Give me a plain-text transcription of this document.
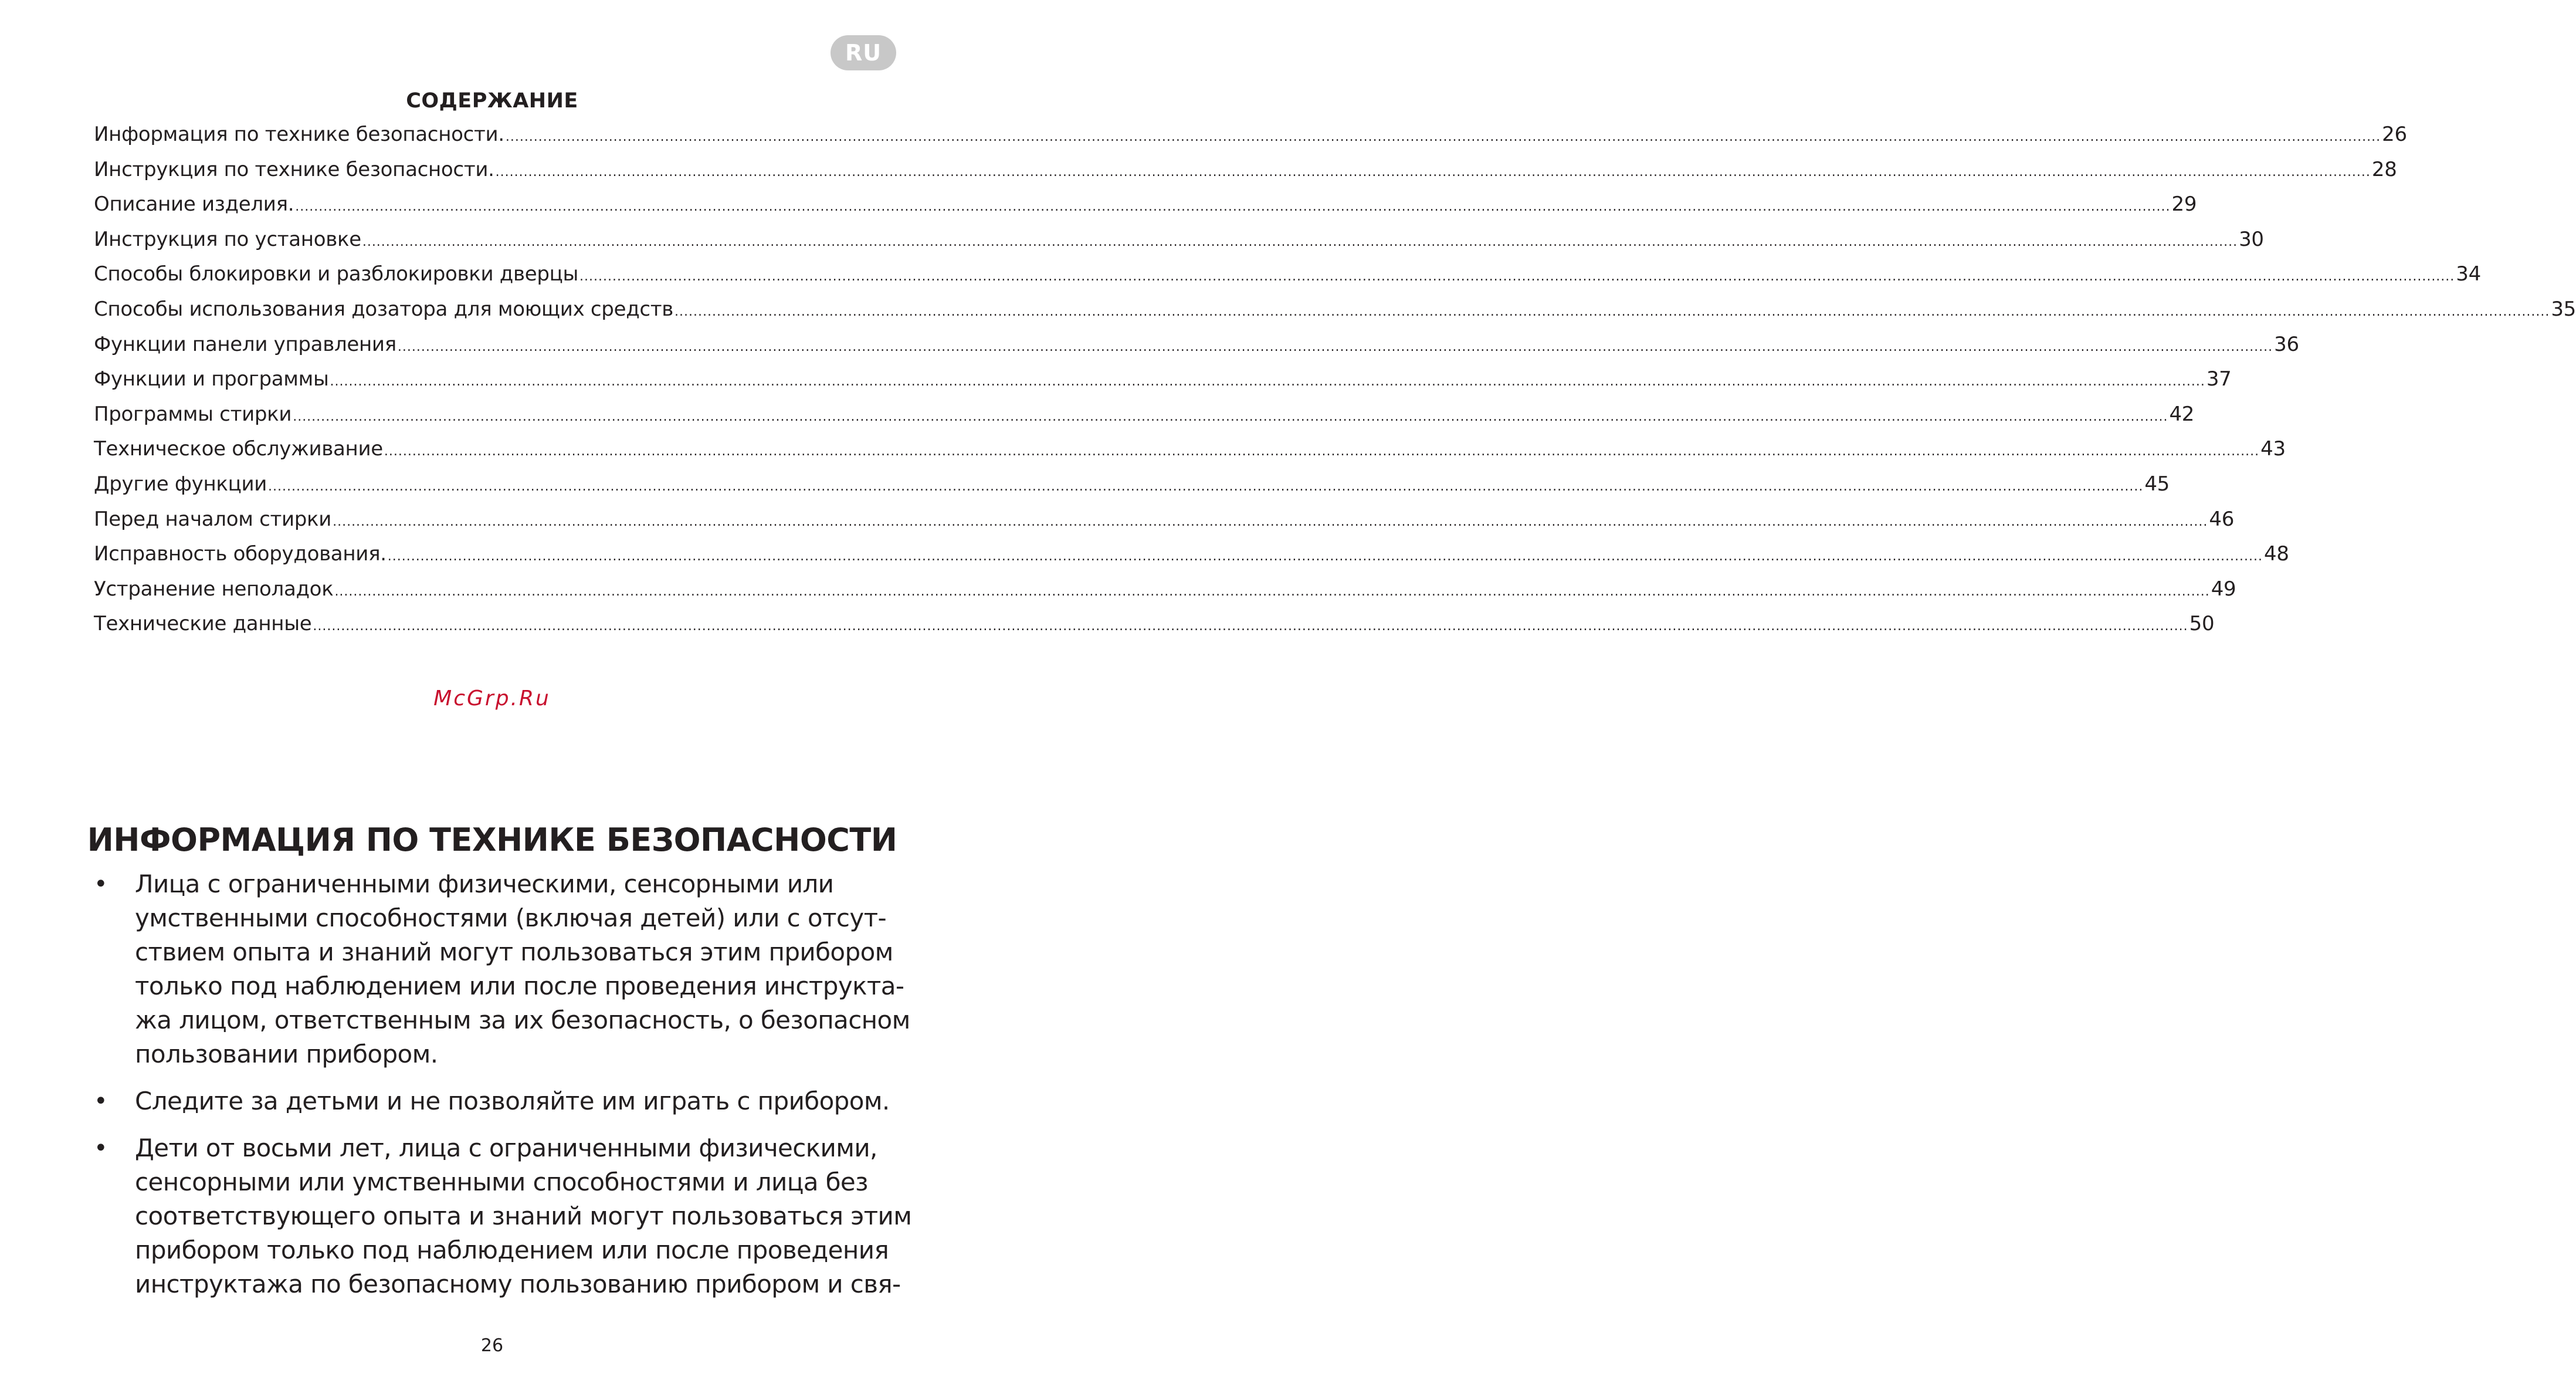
RU
СОДЕРЖАНИЕ
Информация по технике безопасности. ................................................................................................................................................................................................................................................................................................................................................................................................................ 26
Инструкция по технике безопасности. ................................................................................................................................................................................................................................................................................................................................................................................................................ 28
Описание изделия. ................................................................................................................................................................................................................................................................................................................................................................................................................ 29
Инструкция по установке ................................................................................................................................................................................................................................................................................................................................................................................................................ 30
Способы блокировки и разблокировки дверцы ................................................................................................................................................................................................................................................................................................................................................................................................................ 34
Способы использования дозатора для моющих средств ................................................................................................................................................................................................................................................................................................................................................................................................................ 35
Функции панели управления ................................................................................................................................................................................................................................................................................................................................................................................................................ 36
Функции и программы ................................................................................................................................................................................................................................................................................................................................................................................................................ 37
Программы стирки ................................................................................................................................................................................................................................................................................................................................................................................................................ 42
Техническое обслуживание ................................................................................................................................................................................................................................................................................................................................................................................................................ 43
Другие функции ................................................................................................................................................................................................................................................................................................................................................................................................................ 45
Перед началом стирки ................................................................................................................................................................................................................................................................................................................................................................................................................ 46
Исправность оборудования. ................................................................................................................................................................................................................................................................................................................................................................................................................ 48
Устранение неполадок ................................................................................................................................................................................................................................................................................................................................................................................................................ 49
Технические данные ................................................................................................................................................................................................................................................................................................................................................................................................................ 50
McGrp.Ru
ИНФОРМАЦИЯ ПО ТЕХНИКЕ БЕЗОПАСНОСТИ
• Лица с ограниченными физическими, сенсорными или
умственными способностями (включая детей) или с отсут-
ствием опыта и знаний могут пользоваться этим прибором
только под наблюдением или после проведения инструкта-
жа лицом, ответственным за их безопасность, о безопасном
пользовании прибором.
• Следите за детьми и не позволяйте им играть с прибором.
• Дети от восьми лет, лица с ограниченными физическими,
сенсорными или умственными способностями и лица без
соответствующего опыта и знаний могут пользоваться этим
прибором только под наблюдением или после проведения
инструктажа по безопасному пользованию прибором и свя-
26
